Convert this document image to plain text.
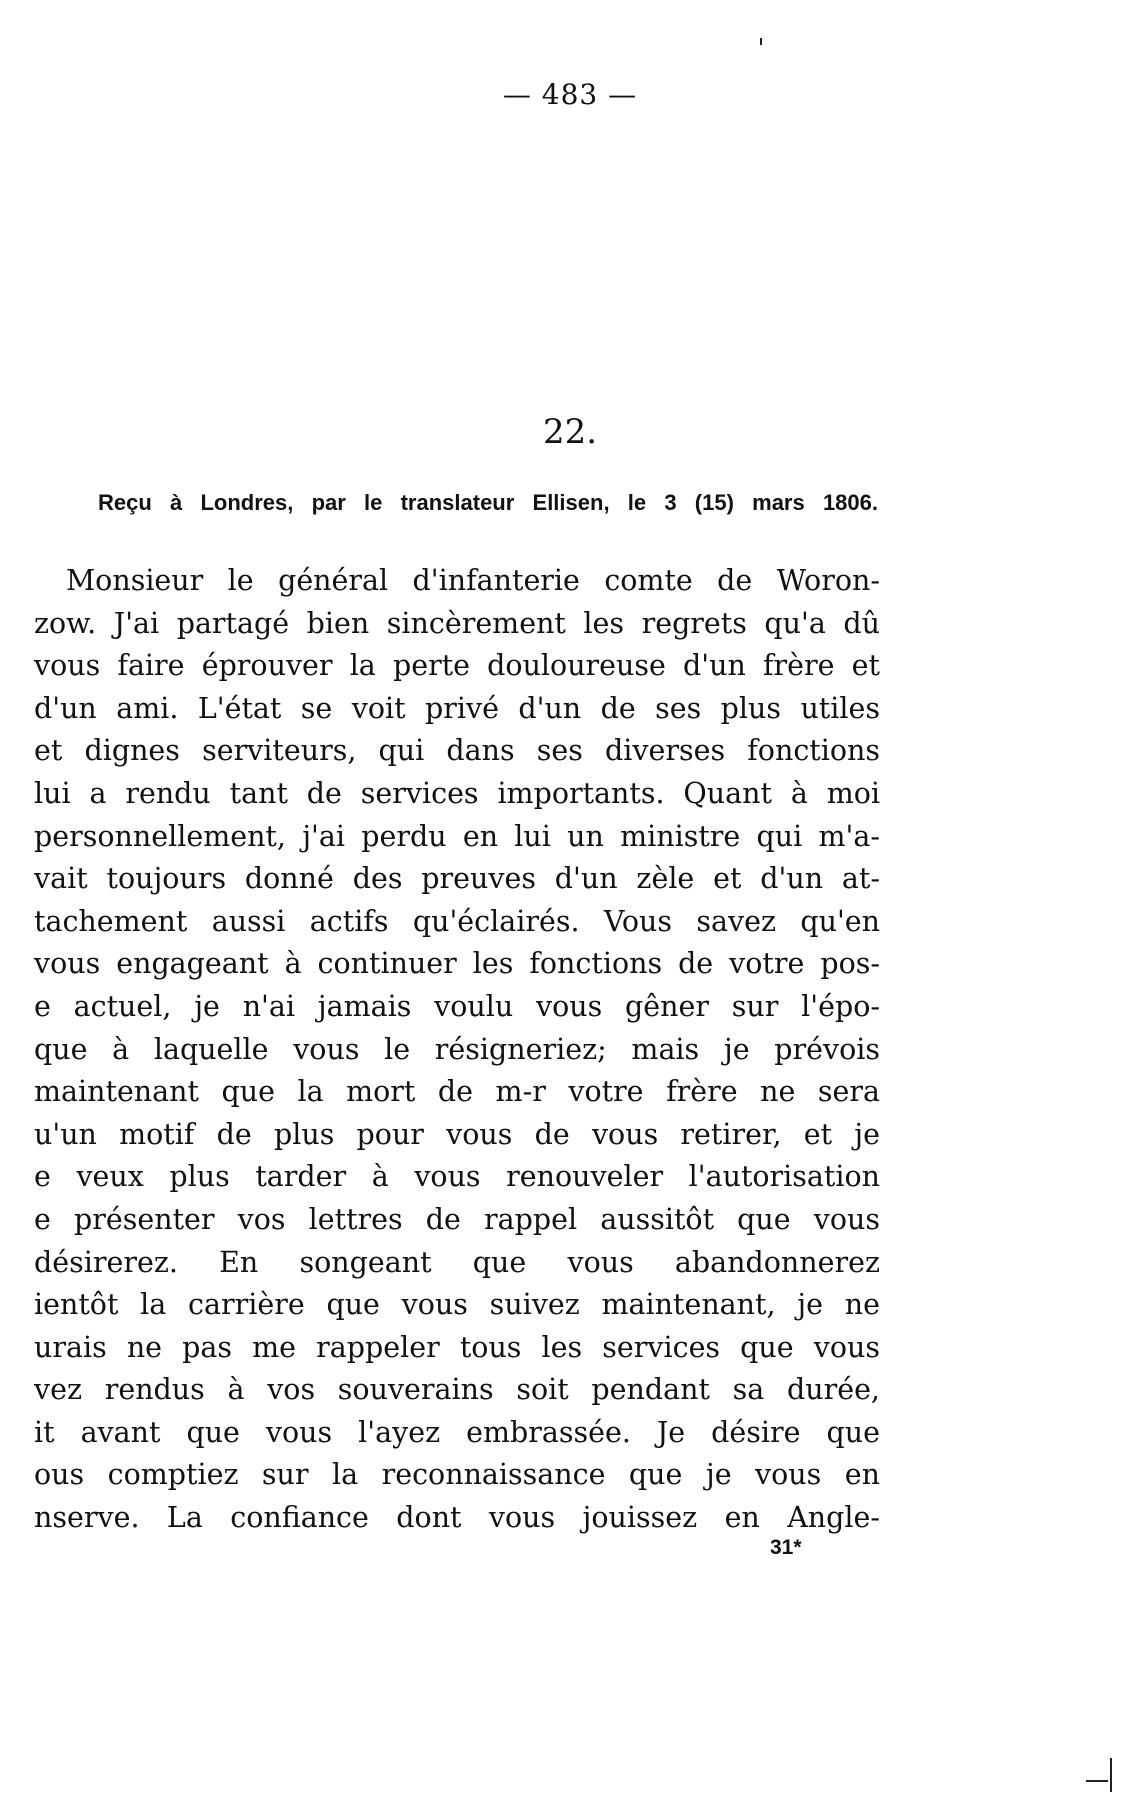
— 483 —
22.
Reçu à Londres, par le translateur Ellisen, le 3 (15) mars 1806.
Monsieur le général d'infanterie comte de Woron-
zow. J'ai partagé bien sincèrement les regrets qu'a dû
vous faire éprouver la perte douloureuse d'un frère et
d'un ami. L'état se voit privé d'un de ses plus utiles
et dignes serviteurs, qui dans ses diverses fonctions
lui a rendu tant de services importants. Quant à moi
personnellement, j'ai perdu en lui un ministre qui m'a-
vait toujours donné des preuves d'un zèle et d'un at-
tachement aussi actifs qu'éclairés. Vous savez qu'en
vous engageant à continuer les fonctions de votre pos-
e actuel, je n'ai jamais voulu vous gêner sur l'épo-
que à laquelle vous le résigneriez; mais je prévois
maintenant que la mort de m-r votre frère ne sera
u'un motif de plus pour vous de vous retirer, et je
e veux plus tarder à vous renouveler l'autorisation
e présenter vos lettres de rappel aussitôt que vous
désirerez. En songeant que vous abandonnerez
ientôt la carrière que vous suivez maintenant, je ne
urais ne pas me rappeler tous les services que vous
vez rendus à vos souverains soit pendant sa durée,
it avant que vous l'ayez embrassée. Je désire que
ous comptiez sur la reconnaissance que je vous en
nserve. La confiance dont vous jouissez en Angle-
31*
